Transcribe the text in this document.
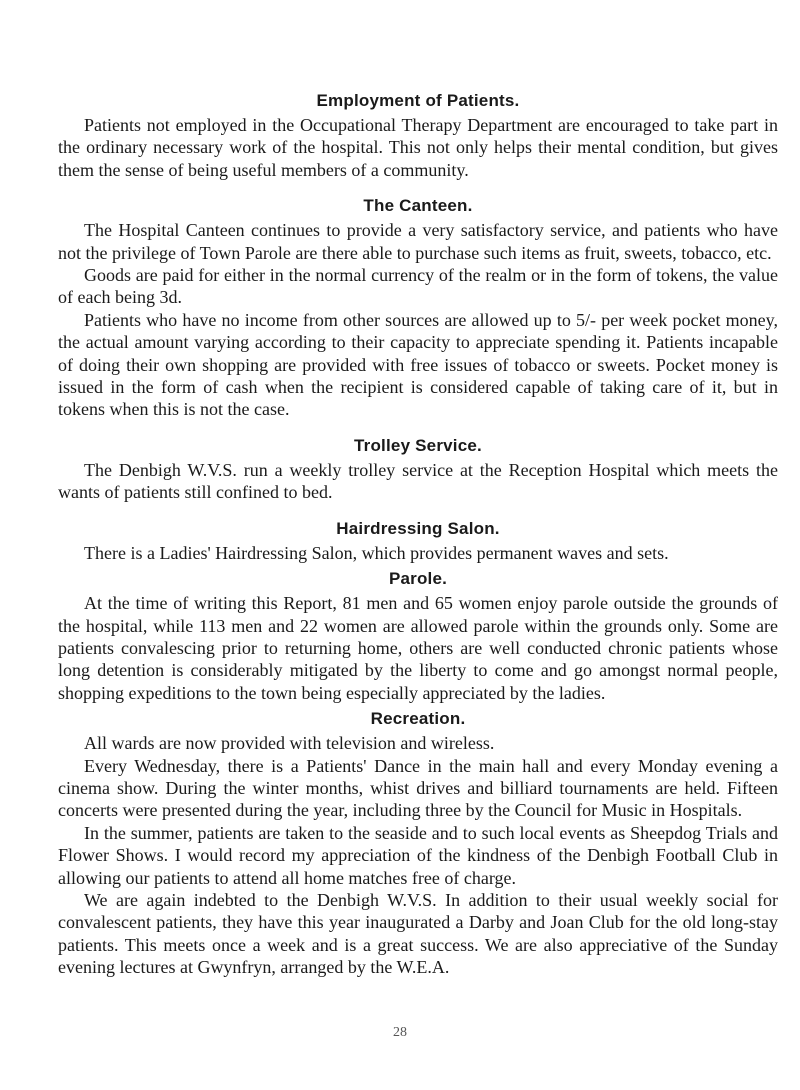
Employment of Patients.

Patients not employed in the Occupational Therapy Department are encouraged to take part in the ordinary necessary work of the hospital. This not only helps their mental condition, but gives them the sense of being useful members of a community.

The Canteen.

The Hospital Canteen continues to provide a very satisfactory service, and patients who have not the privilege of Town Parole are there able to purchase such items as fruit, sweets, tobacco, etc.

Goods are paid for either in the normal currency of the realm or in the form of tokens, the value of each being 3d.

Patients who have no income from other sources are allowed up to 5/- per week pocket money, the actual amount varying according to their capacity to appreciate spending it. Patients incapable of doing their own shopping are provided with free issues of tobacco or sweets. Pocket money is issued in the form of cash when the recipient is considered capable of taking care of it, but in tokens when this is not the case.

Trolley Service.

The Denbigh W.V.S. run a weekly trolley service at the Reception Hospital which meets the wants of patients still confined to bed.

Hairdressing Salon.

There is a Ladies' Hairdressing Salon, which provides permanent waves and sets.

Parole.

At the time of writing this Report, 81 men and 65 women enjoy parole outside the grounds of the hospital, while 113 men and 22 women are allowed parole within the grounds only. Some are patients convalescing prior to returning home, others are well conducted chronic patients whose long detention is considerably mitigated by the liberty to come and go amongst normal people, shopping expeditions to the town being especially appreciated by the ladies.

Recreation.

All wards are now provided with television and wireless.

Every Wednesday, there is a Patients' Dance in the main hall and every Monday evening a cinema show. During the winter months, whist drives and billiard tournaments are held. Fifteen concerts were presented during the year, including three by the Council for Music in Hospitals.

In the summer, patients are taken to the seaside and to such local events as Sheepdog Trials and Flower Shows. I would record my appreciation of the kindness of the Denbigh Football Club in allowing our patients to attend all home matches free of charge.

We are again indebted to the Denbigh W.V.S. In addition to their usual weekly social for convalescent patients, they have this year inaugurated a Darby and Joan Club for the old long-stay patients. This meets once a week and is a great success. We are also appreciative of the Sunday evening lectures at Gwynfryn, arranged by the W.E.A.

28
